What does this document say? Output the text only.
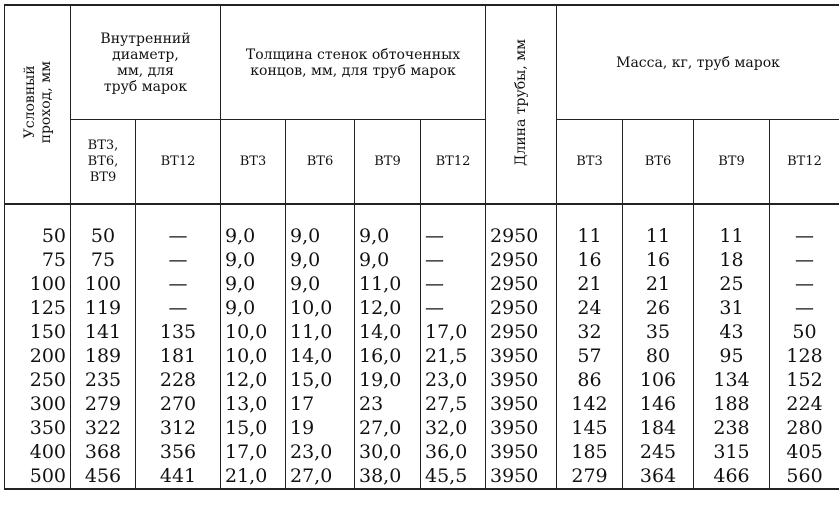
Условный
проход, мм	Внутренний
диаметр,
мм, для
труб марок		Толщина стенок обточенных
концов, мм, для труб марок				Длина трубы, мм	Масса, кг, труб марок			
	ВТ3,
ВТ6,
ВТ9	ВТ12	ВТ3	ВТ6	ВТ9	ВТ12		ВТ3	ВТ6	ВТ9	ВТ12

50	50	—	9,0	9,0	9,0	—	2950	11	11	11	—
75	75	—	9,0	9,0	9,0	—	2950	16	16	18	—
100	100	—	9,0	9,0	11,0	—	2950	21	21	25	—
125	119	—	9,0	10,0	12,0	—	2950	24	26	31	—
150	141	135	10,0	11,0	14,0	17,0	2950	32	35	43	50
200	189	181	10,0	14,0	16,0	21,5	3950	57	80	95	128
250	235	228	12,0	15,0	19,0	23,0	3950	86	106	134	152
300	279	270	13,0	17	23	27,5	3950	142	146	188	224
350	322	312	15,0	19	27,0	32,0	3950	145	184	238	280
400	368	356	17,0	23,0	30,0	36,0	3950	185	245	315	405
500	456	441	21,0	27,0	38,0	45,5	3950	279	364	466	560
